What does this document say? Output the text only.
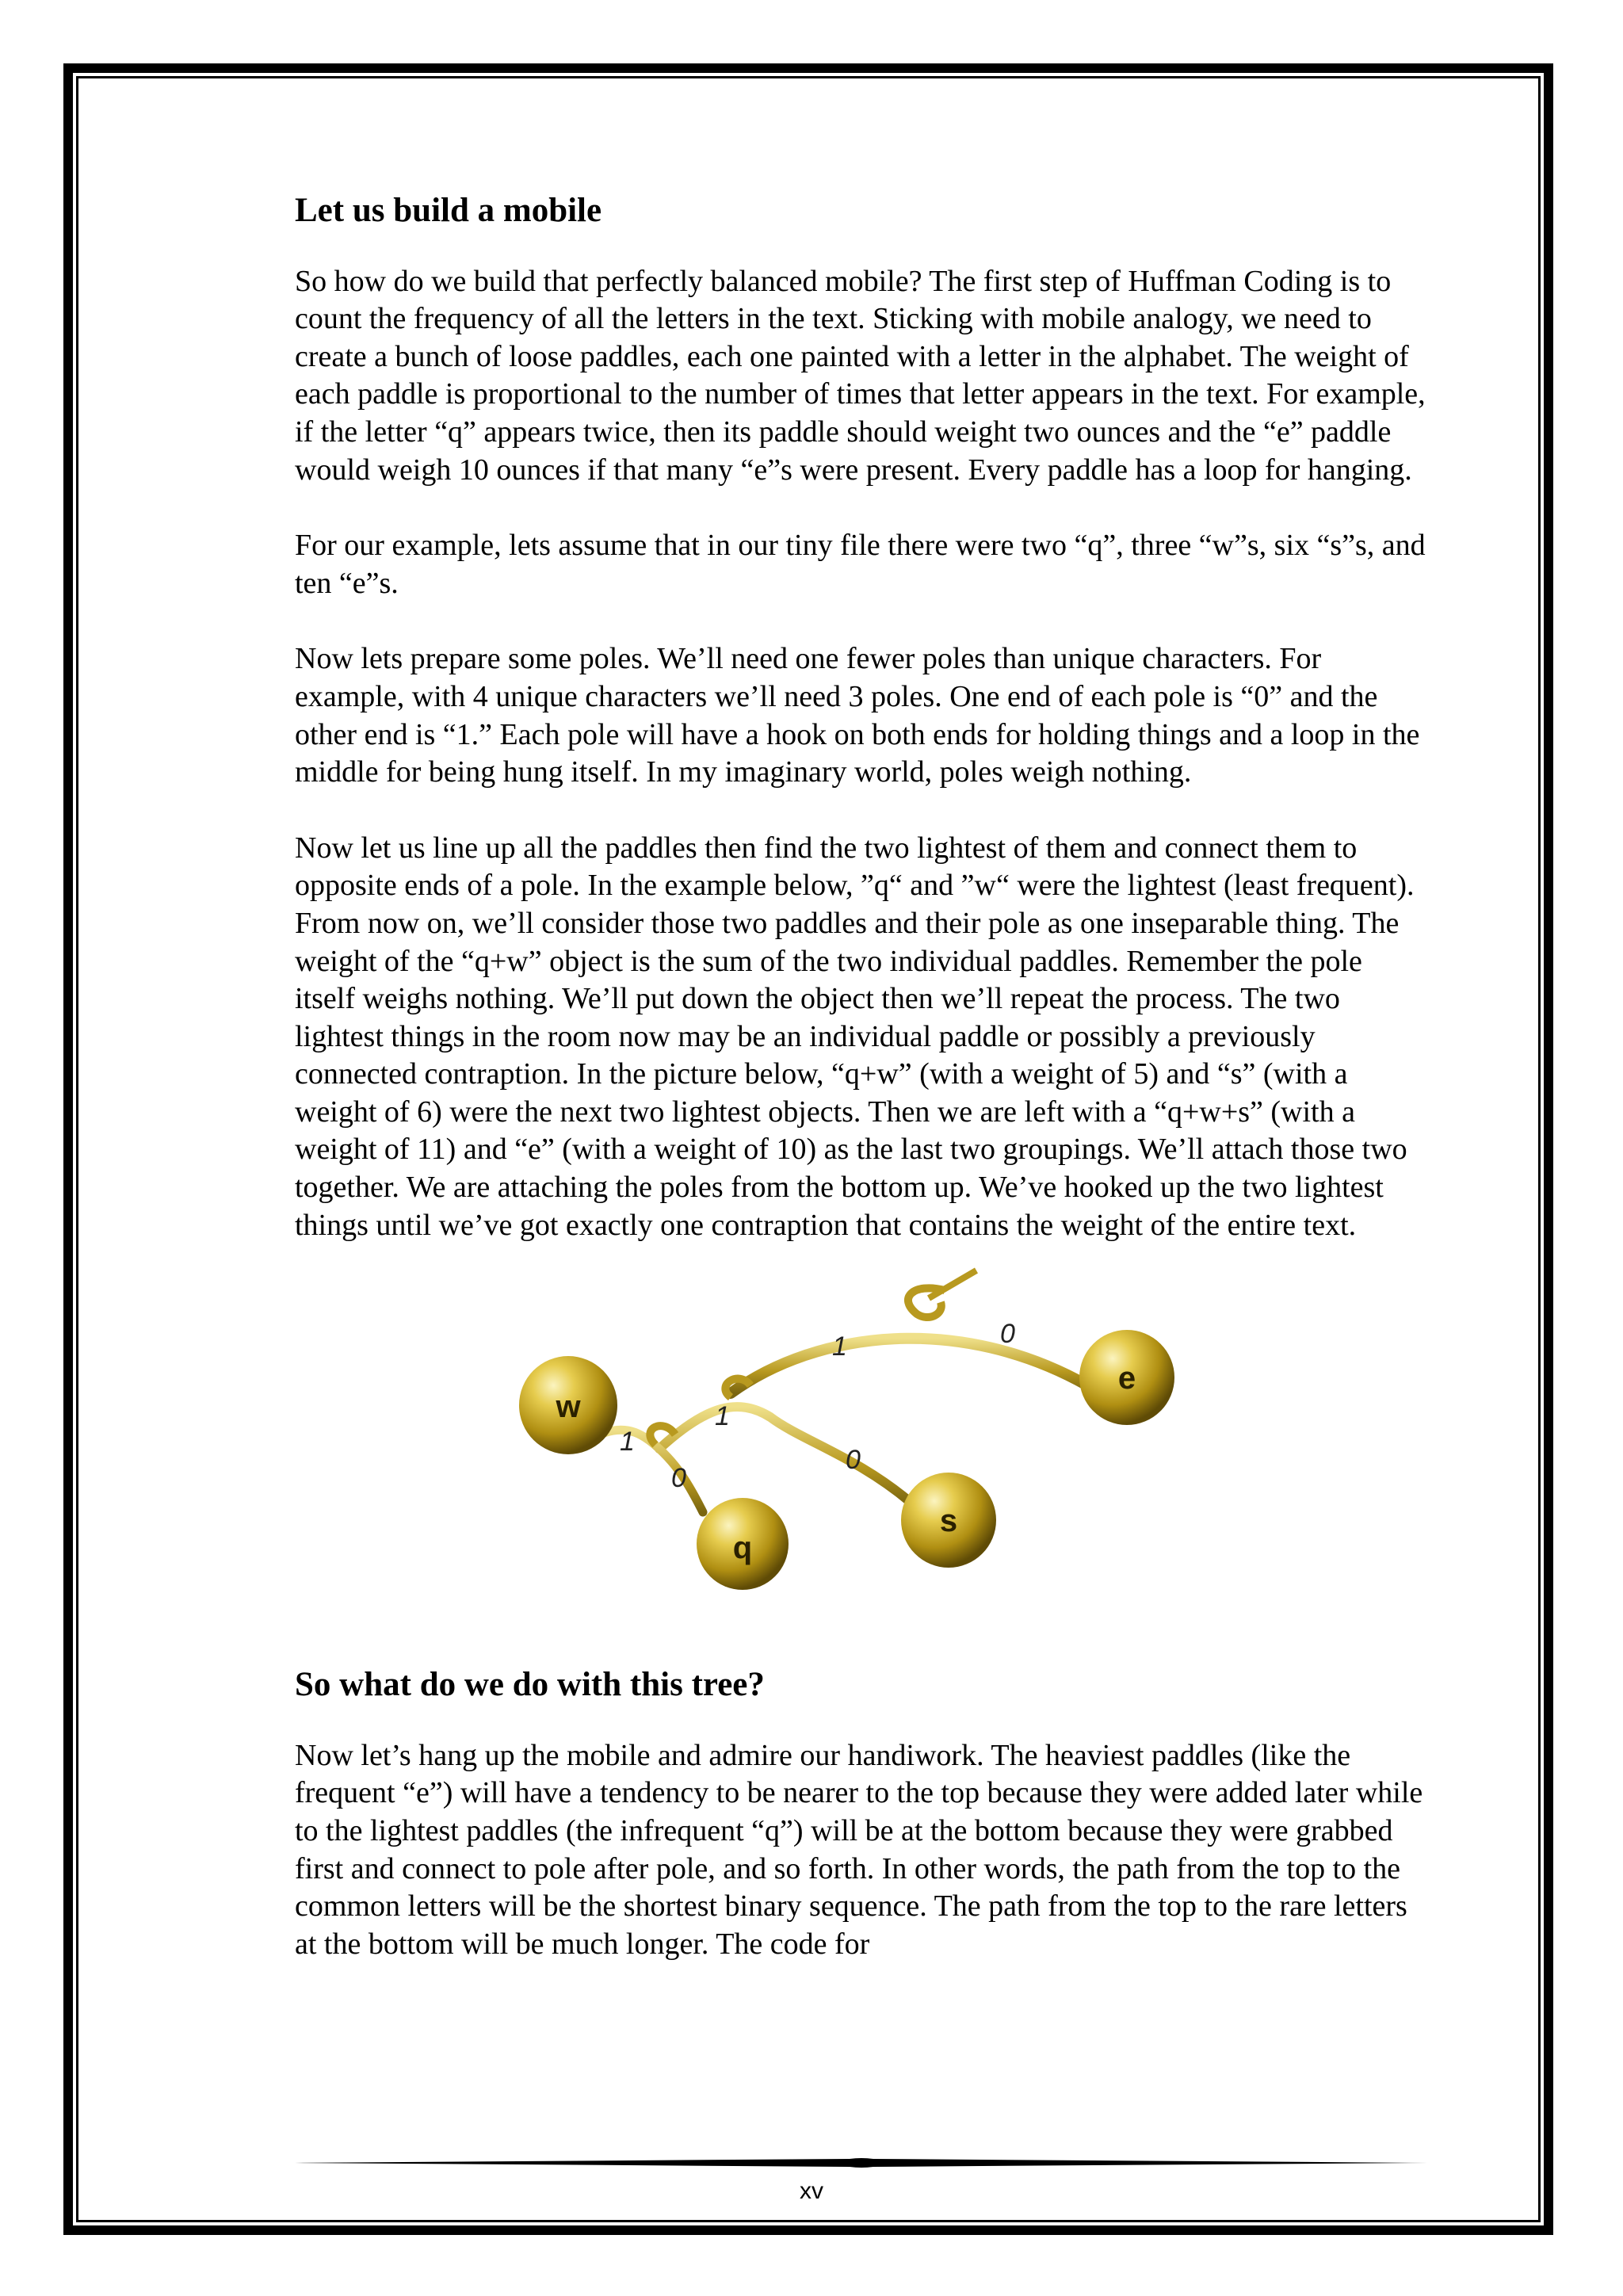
Let us build a mobile

So how do we build that perfectly balanced mobile? The first step of Huffman Coding is to count the frequency of all the letters in the text. Sticking with mobile analogy, we need to create a bunch of loose paddles, each one painted with a letter in the alphabet. The weight of each paddle is proportional to the number of times that letter appears in the text. For example, if the letter “q” appears twice, then its paddle should weight two ounces and the “e” paddle would weigh 10 ounces if that many “e”s were present. Every paddle has a loop for hanging.

For our example, lets assume that in our tiny file there were two “q”, three “w”s, six “s”s, and ten “e”s.

Now lets prepare some poles. We’ll need one fewer poles than unique characters. For example, with 4 unique characters we’ll need 3 poles. One end of each pole is “0” and the other end is “1.” Each pole will have a hook on both ends for holding things and a loop in the middle for being hung itself. In my imaginary world, poles weigh nothing.

Now let us line up all the paddles then find the two lightest of them and connect them to opposite ends of a pole. In the example below, ”q“ and ”w“ were the lightest (least frequent). From now on, we’ll consider those two paddles and their pole as one inseparable thing. The weight of the “q+w” object is the sum of the two individual paddles. Remember the pole itself weighs nothing. We’ll put down the object then we’ll repeat the process. The two lightest things in the room now may be an individual paddle or possibly a previously connected contraption. In the picture below, “q+w” (with a weight of 5) and “s” (with a weight of 6) were the next two lightest objects. Then we are left with a “q+w+s” (with a weight of 11) and “e” (with a weight of 10) as the last two groupings. We’ll attach those two together. We are attaching the poles from the bottom up. We’ve hooked up the two lightest things until we’ve got exactly one contraption that contains the weight of the entire text.

w
q
s
e
1	0
1
0
1
0
So what do we do with this tree?

Now let’s hang up the mobile and admire our handiwork. The heaviest paddles (like the frequent “e”) will have a tendency to be nearer to the top because they were added later while to the lightest paddles (the infrequent “q”) will be at the bottom because they were grabbed first and connect to pole after pole, and so forth. In other words, the path from the top to the common letters will be the shortest binary sequence. The path from the top to the rare letters at the bottom will be much longer. The code for

xv
